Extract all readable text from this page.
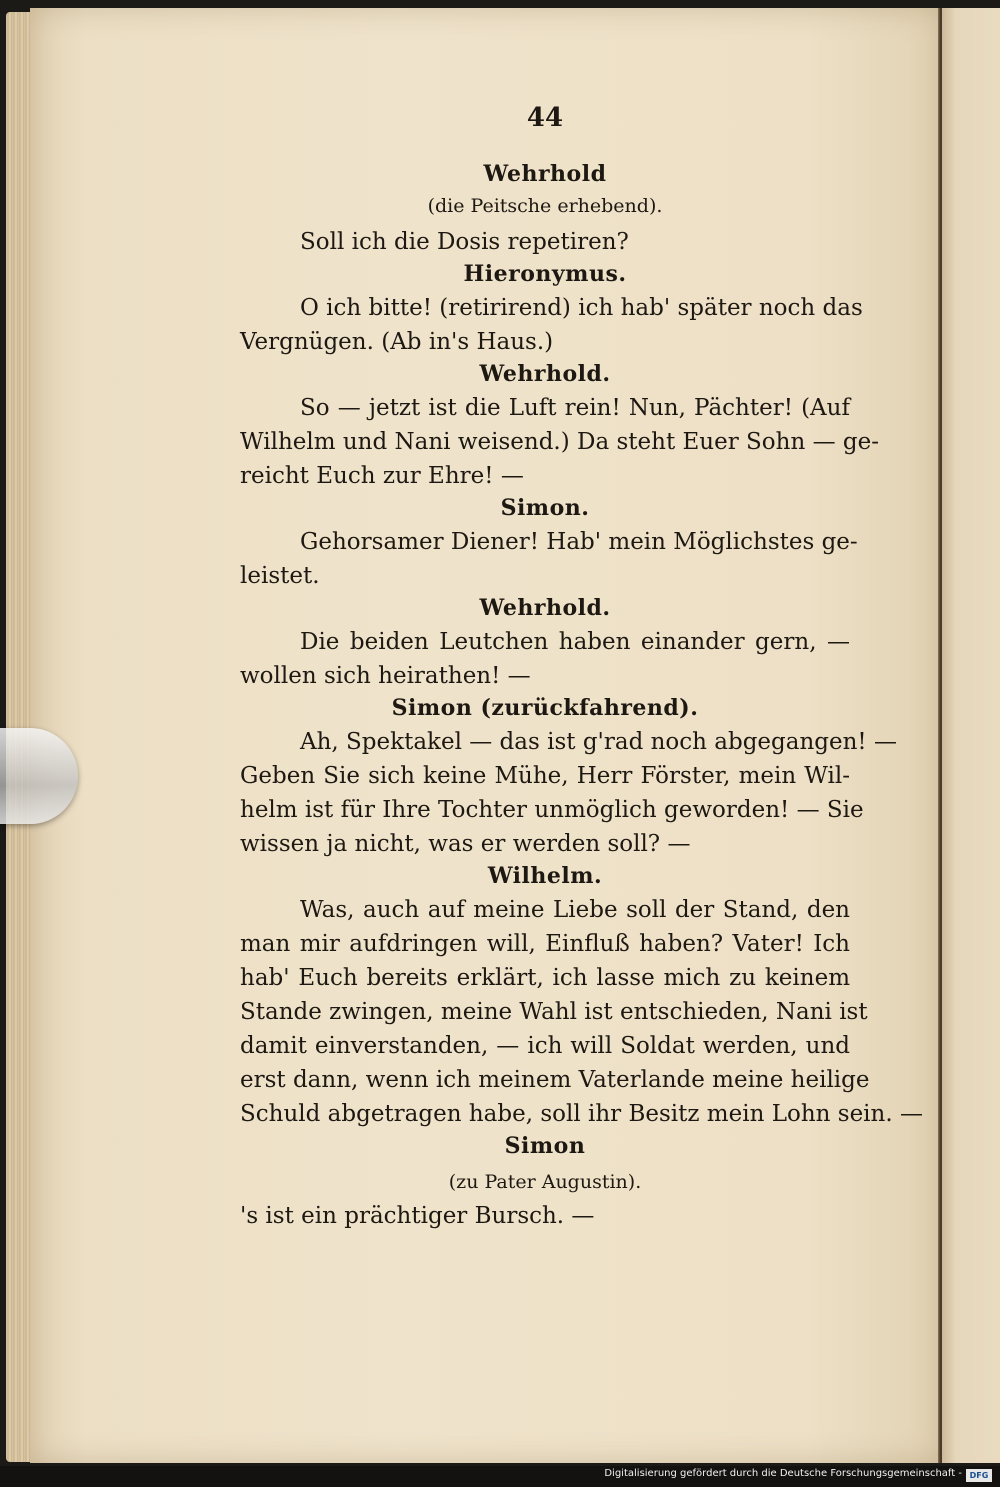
44
Wehrhold
(die Peitsche erhebend).
Soll ich die Dosis repetiren?
Hieronymus.
O ich bitte! (retirirend) ich hab' später noch das
Vergnügen. (Ab in's Haus.)
Wehrhold.
So — jetzt ist die Luft rein! Nun, Pächter! (Auf
Wilhelm und Nani weisend.) Da steht Euer Sohn — ge-
reicht Euch zur Ehre! —
Simon.
Gehorsamer Diener! Hab' mein Möglichstes ge-
leistet.
Wehrhold.
Die beiden Leutchen haben einander gern, —
wollen sich heirathen! —
Simon (zurückfahrend).
Ah, Spektakel — das ist g'rad noch abgegangen! —
Geben Sie sich keine Mühe, Herr Förster, mein Wil-
helm ist für Ihre Tochter unmöglich geworden! — Sie
wissen ja nicht, was er werden soll? —
Wilhelm.
Was, auch auf meine Liebe soll der Stand, den
man mir aufdringen will, Einfluß haben? Vater! Ich
hab' Euch bereits erklärt, ich lasse mich zu keinem
Stande zwingen, meine Wahl ist entschieden, Nani ist
damit einverstanden, — ich will Soldat werden, und
erst dann, wenn ich meinem Vaterlande meine heilige
Schuld abgetragen habe, soll ihr Besitz mein Lohn sein. —
Simon
(zu Pater Augustin).
's ist ein prächtiger Bursch. —
Digitalisierung gefördert durch die Deutsche Forschungsgemeinschaft - DFG
